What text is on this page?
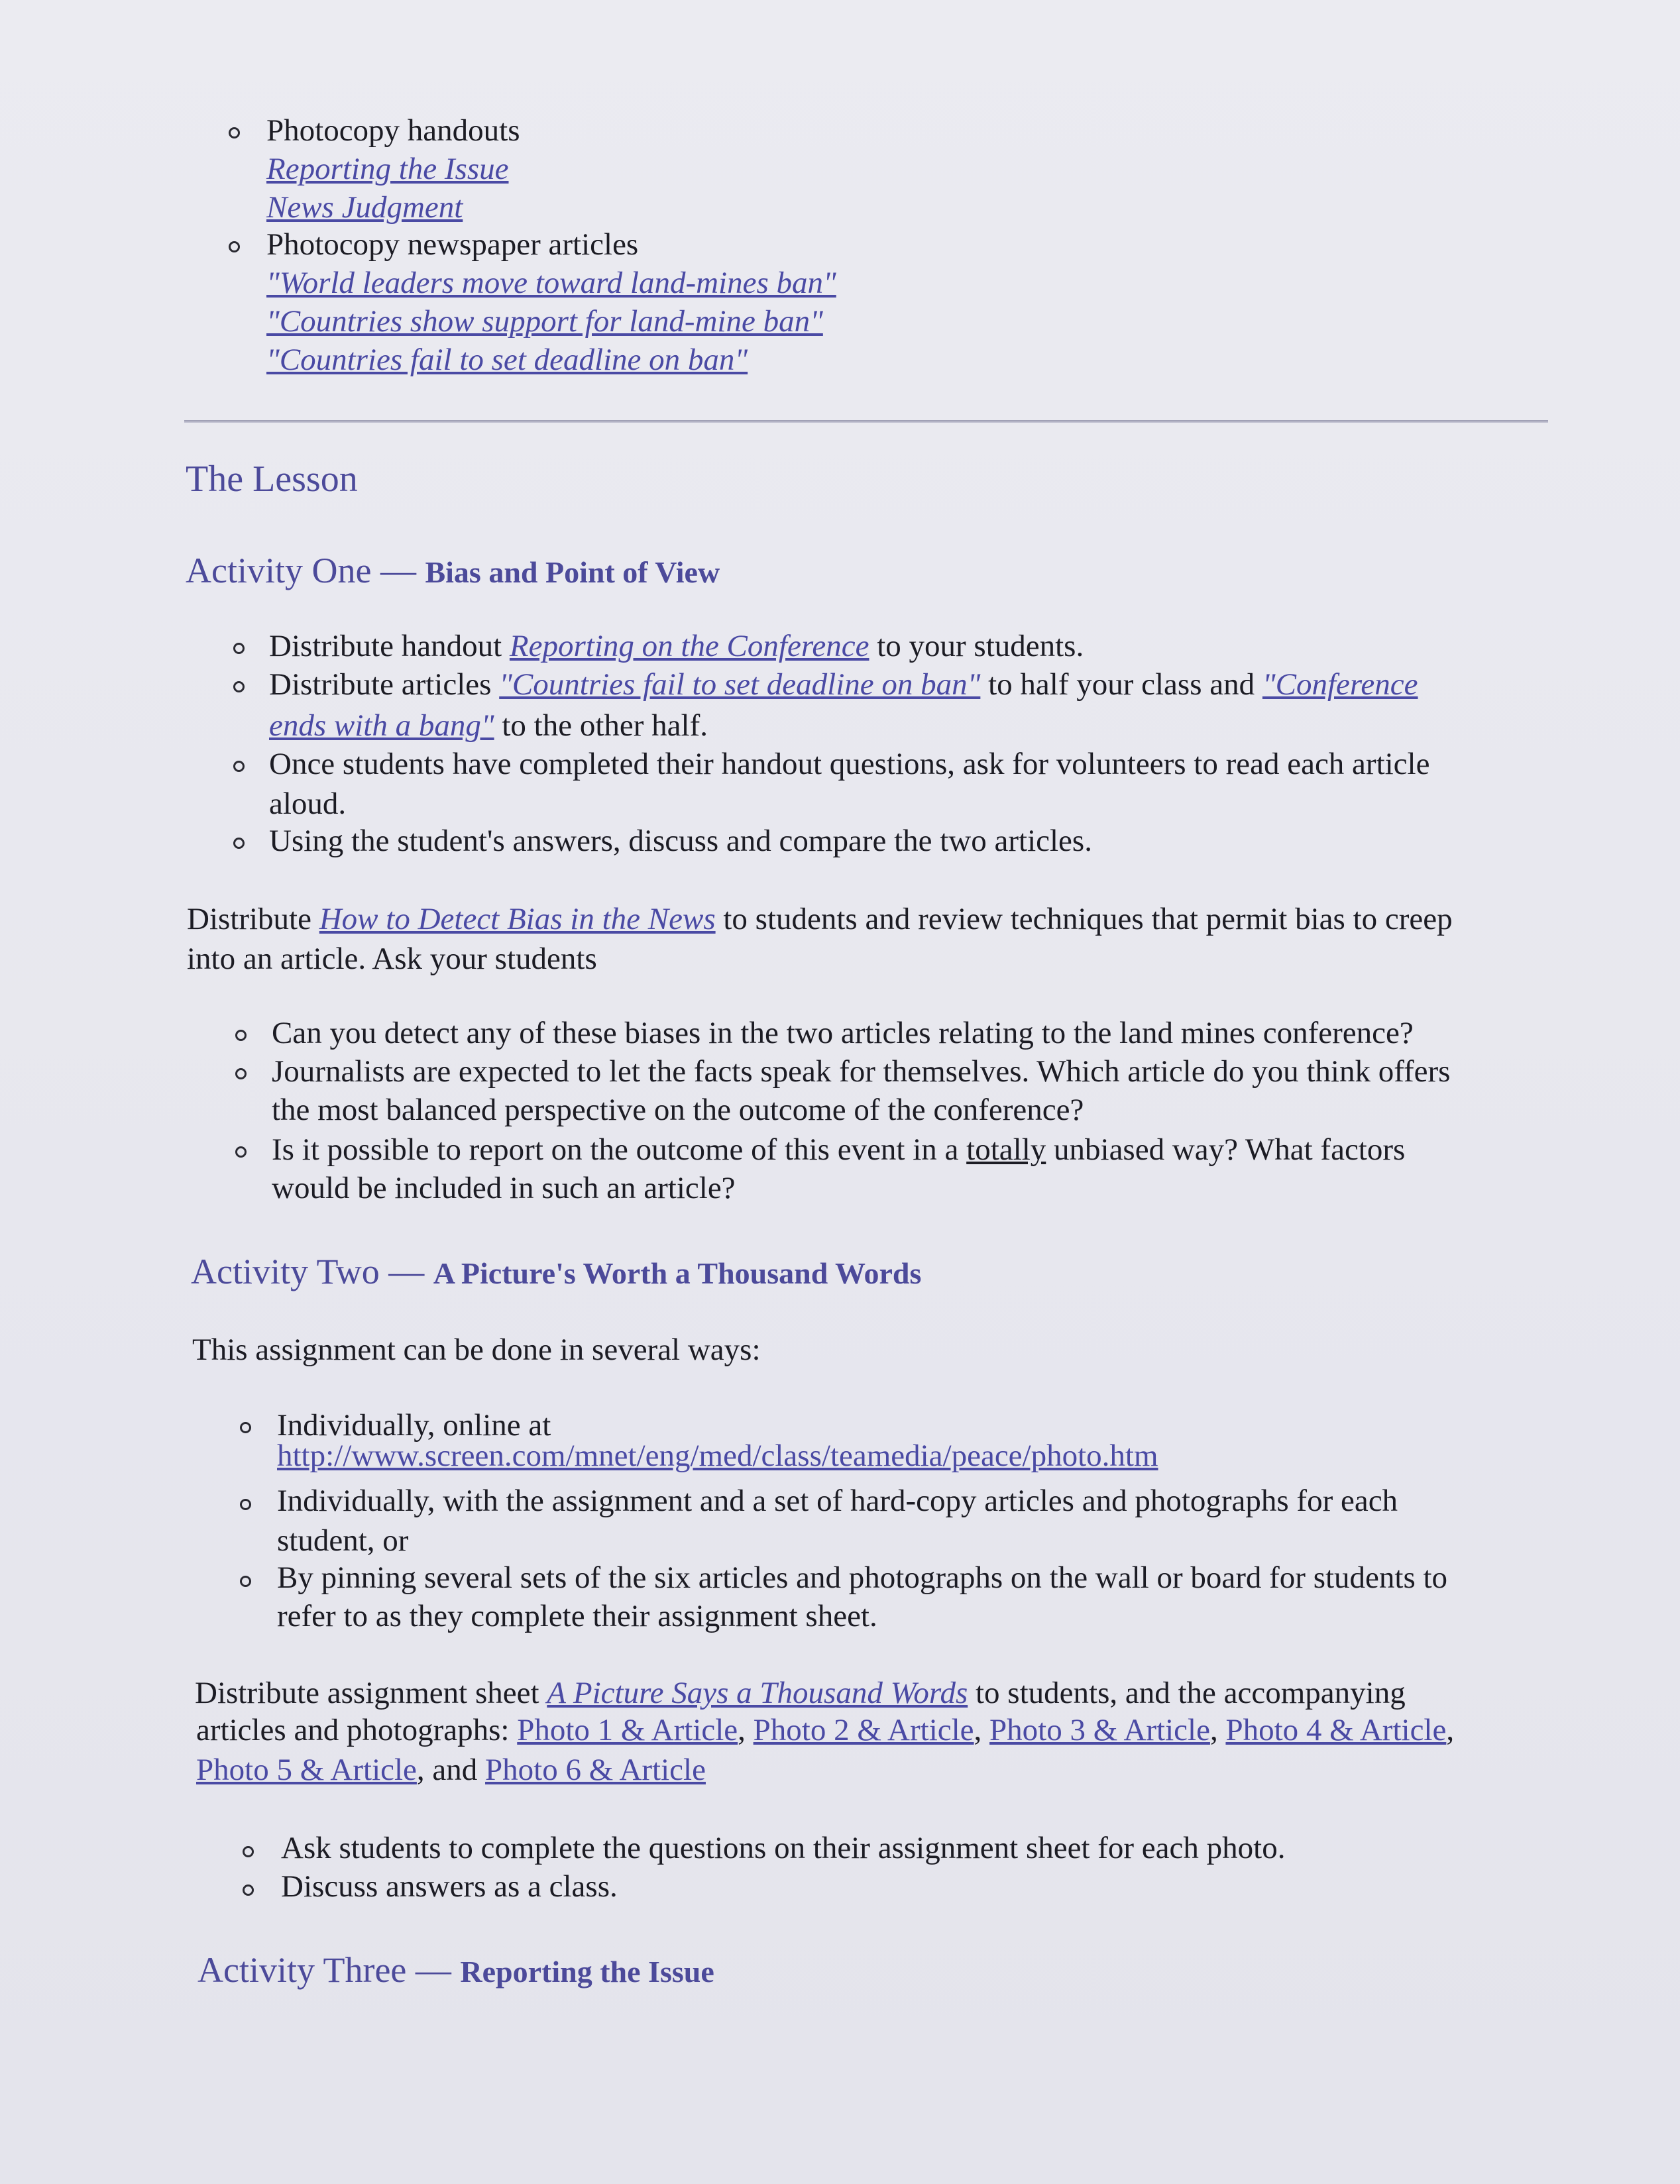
Photocopy handouts
Reporting the Issue
News Judgment
Photocopy newspaper articles
"World leaders move toward land-mines ban"
"Countries show support for land-mine ban"
"Countries fail to set deadline on ban"
The Lesson
Activity One — Bias and Point of View
Distribute handout Reporting on the Conference to your students.
Distribute articles "Countries fail to set deadline on ban" to half your class and "Conference
ends with a bang" to the other half.
Once students have completed their handout questions, ask for volunteers to read each article
aloud.
Using the student's answers, discuss and compare the two articles.
Distribute How to Detect Bias in the News to students and review techniques that permit bias to creep
into an article. Ask your students
Can you detect any of these biases in the two articles relating to the land mines conference?
Journalists are expected to let the facts speak for themselves. Which article do you think offers
the most balanced perspective on the outcome of the conference?
Is it possible to report on the outcome of this event in a totally unbiased way? What factors
would be included in such an article?
Activity Two — A Picture's Worth a Thousand Words
This assignment can be done in several ways:
Individually, online at
http://www.screen.com/mnet/eng/med/class/teamedia/peace/photo.htm
Individually, with the assignment and a set of hard-copy articles and photographs for each
student, or
By pinning several sets of the six articles and photographs on the wall or board for students to
refer to as they complete their assignment sheet.
Distribute assignment sheet A Picture Says a Thousand Words to students, and the accompanying
articles and photographs: Photo 1 & Article, Photo 2 & Article, Photo 3 & Article, Photo 4 & Article,
Photo 5 & Article, and Photo 6 & Article
Ask students to complete the questions on their assignment sheet for each photo.
Discuss answers as a class.
Activity Three — Reporting the Issue
